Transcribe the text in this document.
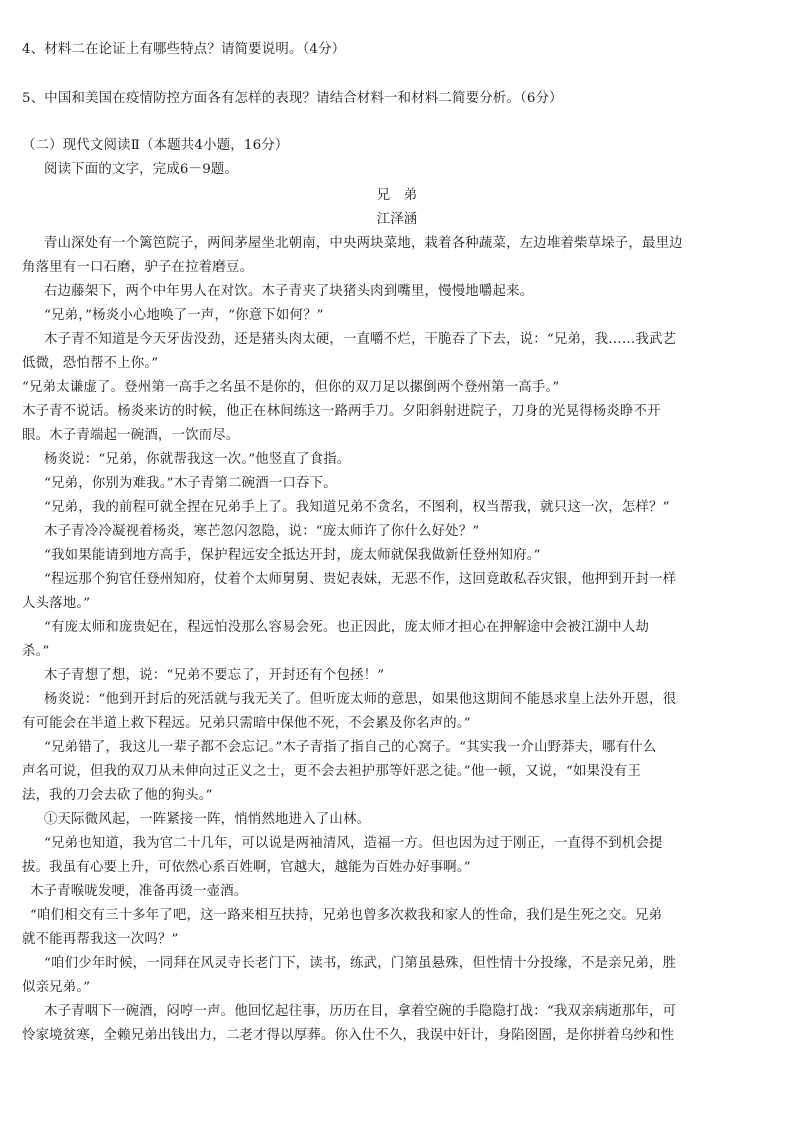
4、材料二在论证上有哪些特点？请简要说明。（4分）
5、中国和美国在疫情防控方面各有怎样的表现？请结合材料一和材料二简要分析。（6分）
（二）现代文阅读Ⅱ（本题共4小题，16分）
阅读下面的文字，完成6－9题。
兄　弟
江泽涵
青山深处有一个篱笆院子，两间茅屋坐北朝南，中央两块菜地，栽着各种蔬菜，左边堆着柴草垛子，最里边
角落里有一口石磨，驴子在拉着磨豆。
右边藤架下，两个中年男人在对饮。木子青夹了块猪头肉到嘴里，慢慢地嚼起来。
“兄弟，”杨炎小心地唤了一声，“你意下如何？”
木子青不知道是今天牙齿没劲，还是猪头肉太硬，一直嚼不烂，干脆吞了下去，说：“兄弟，我……我武艺
低微，恐怕帮不上你。”
“兄弟太谦虚了。登州第一高手之名虽不是你的，但你的双刀足以摞倒两个登州第一高手。”
木子青不说话。杨炎来访的时候，他正在林间练这一路两手刀。夕阳斜射进院子，刀身的光晃得杨炎睁不开
眼。木子青端起一碗酒，一饮而尽。
杨炎说：“兄弟，你就帮我这一次。”他竖直了食指。
“兄弟，你别为难我。”木子青第二碗酒一口吞下。
“兄弟，我的前程可就全捏在兄弟手上了。我知道兄弟不贪名，不图利，权当帮我，就只这一次，怎样？”
木子青冷冷凝视着杨炎，寒芒忽闪忽隐，说：“庞太师许了你什么好处？”
“我如果能请到地方高手，保护程远安全抵达开封，庞太师就保我做新任登州知府。”
“程远那个狗官任登州知府，仗着个太师舅舅、贵妃表妹，无恶不作，这回竟敢私吞灾银，他押到开封一样
人头落地。”
“有庞太师和庞贵妃在，程远怕没那么容易会死。也正因此，庞太师才担心在押解途中会被江湖中人劫
杀。”
木子青想了想，说：“兄弟不要忘了，开封还有个包拯！”
杨炎说：“他到开封后的死活就与我无关了。但听庞太师的意思，如果他这期间不能恳求皇上法外开恩，很
有可能会在半道上救下程远。兄弟只需暗中保他不死，不会累及你名声的。”
“兄弟错了，我这儿一辈子都不会忘记。”木子青指了指自己的心窝子。“其实我一介山野莽夫，哪有什么
声名可说，但我的双刀从未伸向过正义之士，更不会去袒护那等奸恶之徒。”他一顿，又说，“如果没有王
法，我的刀会去砍了他的狗头。”
①天际微风起，一阵紧接一阵，悄悄然地进入了山林。
“兄弟也知道，我为官二十几年，可以说是两袖清风，造福一方。但也因为过于刚正，一直得不到机会提
拔。我虽有心要上升，可依然心系百姓啊，官越大，越能为百姓办好事啊。”
木子青喉咙发哽，准备再烫一壶酒。
“咱们相交有三十多年了吧，这一路来相互扶持，兄弟也曾多次救我和家人的性命，我们是生死之交。兄弟
就不能再帮我这一次吗？”
“咱们少年时候，一同拜在风灵寺长老门下，读书，练武，门第虽悬殊，但性情十分投缘，不是亲兄弟，胜
似亲兄弟。”
木子青咽下一碗酒，闷哼一声。他回忆起往事，历历在目，拿着空碗的手隐隐打战：“我双亲病逝那年，可
怜家境贫寒，全赖兄弟出钱出力，二老才得以厚葬。你入仕不久，我误中奸计，身陷囹圄，是你拼着乌纱和性
